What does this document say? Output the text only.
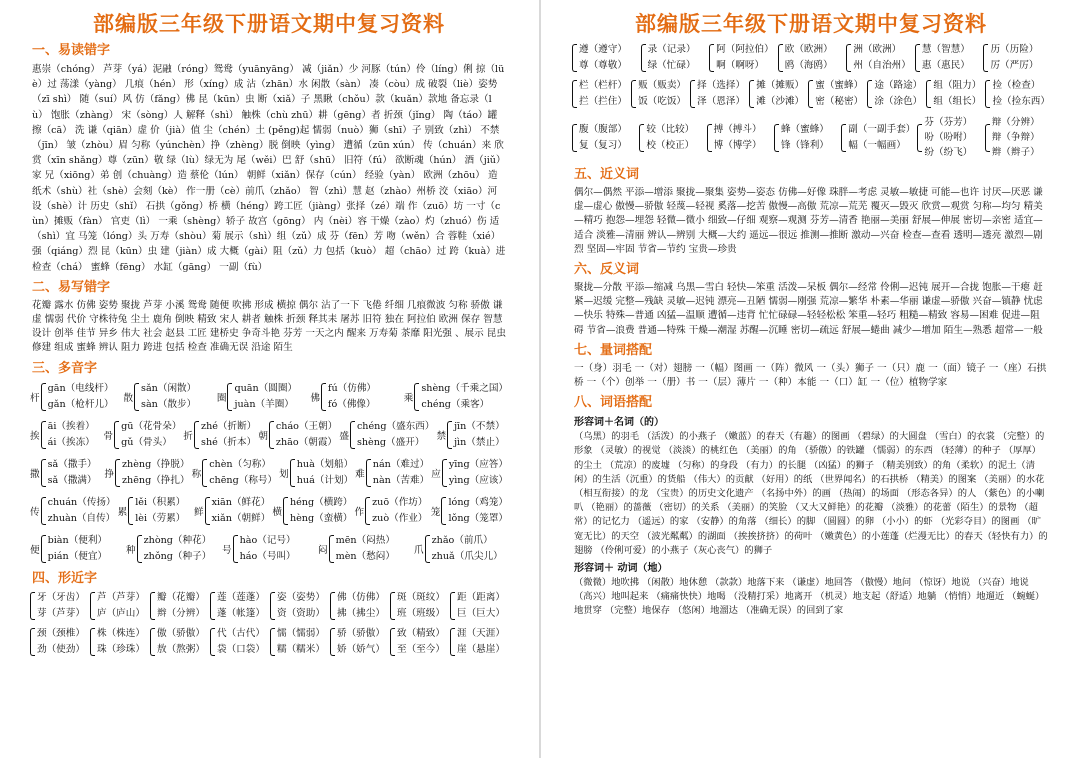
部编版三年级下册语文期中复习资料
一、易读错字
惠崇（chóng） 芦芽（yá）泥融（róng）鸳鸯（yuānyāng） 减（jiǎn）少 河豚（tún）伶（líng）俐 掠（lüè）过 荡漾（yàng） 几痕（hén） 形（xíng）成 沾（zhān）水 闲散（sàn） 凑（còu）成 破裂（liè）姿势（zī shì） 随（suí）风 仿（fǎng）佛 昆（kūn）虫 断（xiǎ）子 黑瞅（chǒu）款（kuǎn）款地 备忘录（lù） 饱胀（zhàng） 宋（sòng）人 解释（shì） 触株（chù zhū）耕（gēng）者 折颈（jǐng） 陶（táo）罐 擦（cā） 洗 谦（qiān）虚 价（jià）值 尘（chén）土 (pěng)起 懦弱（nuò）狮（shī）子 别致（zhì） 不禁（jīn） 皱（zhòu）眉 匀称（yúnchèn）挣（zhèng）脱 倒映（yìng） 遭循（zūn xún） 传（chuán）来 欣赏（xīn shǎng）尊（zūn）敬 绿（lù）绿无为 尾（wěi）巴 舒（shū） 旧符（fú） 欲断魂（hún） 酒（jiǔ）家 兄（xiōng）弟 创（chuàng）造 蔡伦（lún） 朝鲜（xiǎn）保存（cún） 经验（yàn） 欧洲（zhōu） 造纸术（shù）社（shè）会刻（kè） 作一册（cè）前爪（zhǎo） 智（zhì）慧 赵（zhào）州桥 洨（xiāo）河 设（shè）计 历史（shǐ） 石拱（gǒng）桥 横（héng）跨工匠（jiàng）张择（zé）端 作（zuō）坊 一寸（cùn）摊贩（fàn） 官吏（lì） 一乘（shèng）轿子 故宫（gōng） 内（nèi）容 干燥（zào）灼（zhuó）伤 适（shì）宜 马笼（lóng）头 万寿（shòu）菊 展示（shì）组（zǔ）成 芬（fēn）芳 吻（wěn）合 蓉鞋（xié）强（qiáng）烈 昆（kūn）虫 建（jiàn）成 大概（gài）阻（zǔ）力 包括（kuò） 超（chāo）过 跨（kuà）进检查（chá） 蜜蜂（fēng） 水缸（gāng） 一副（fù）
二、易写错字
花瓣 露水 仿佛 姿势 聚拢 芦芽 小溪 鸳鸯 随便 吹拂 形成 横掠 偶尔 沾了一下 飞倦 纤细 几痕微波 匀称 骄傲 谦虚 懦弱 代价 守株待兔 尘土 鹿角 倒映 精致 宋人 耕者 触株 折颈 释其耒 屠苏 旧符 独在 阿拉伯 欧洲 保存 智慧 设计 创举 佳节 异乡 伟大 社会 赵县 工匠 建桥史 争奇斗艳 芬芳 一天之内 醒来 万寿菊 茶靡 阳光强 、展示 昆虫 修建 组成 蜜蜂 辨认 阻力 跨进 包括 检查 准确无误 沿途 陌生
三、多音字
杆
gān（电线杆）
gǎn（枪杆儿）
散
sǎn（闲散）
sàn（散步）
圈
quān（圆圈）
juàn（羊圈）
佛
fú（仿佛）
fó（佛像）
乘
shèng（千乘之国）
chéng（乘客）
挨
āi（挨着）
ái（挨冻）
骨
gū（花骨朵）
gǔ（骨头）
折
zhé（折断）
shé（折本）
朝
cháo（王朝）
zhāo（朝霞）
盛
chéng（盛东西）
shèng（盛开）
禁
jīn（不禁）
jìn（禁止）
撒
sǎ（撒手）
sǎ（撒满）
挣
zhèng（挣脱）
zhēng（挣扎）
称
chèn（匀称）
chēng（称号）
划
huà（划船）
huá（计划）
难
nán（难过）
nàn（苦难）
应
yīng（应答）
yìng（应该）
传
chuán（传扬）
zhuàn（自传）
累
lěi（积累）
lèi（劳累）
鲜
xiān（鲜花）
xiǎn（朝鲜）
横
héng（横跨）
hèng（蛮横）
作
zuō（作坊）
zuò（作业）
笼
lóng（鸡笼）
lǒng（笼罩）
便
biàn（便利）
pián（便宜）
种
zhòng（种花）
zhǒng（种子）
号
hào（记号）
háo（号叫）
闷
mēn（闷热）
mèn（愁闷）
爪
zhǎo（前爪）
zhuǎ（爪尖儿）
四、形近字
牙（牙齿）
芽（芦芽）
芦（芦芽）
庐（庐山）
瓣（花瓣）
辫（分辨）
莲（莲蓬）
蓬（帐篷）
姿（姿势）
资（资助）
佛（仿佛）
拂（拂尘）
斑（斑纹）
班（班级）
距（距离）
巨（巨大）
颈（颈椎）
劲（使劲）
株（株连）
珠（珍珠）
傲（骄傲）
敖（熬粥）
代（古代）
袋（口袋）
懦（懦弱）
糯（糯米）
骄（骄傲）
娇（娇气）
致（精致）
至（至今）
涯（天涯）
崖（悬崖）
部编版三年级下册语文期中复习资料
遵（遵守）
尊（尊敬）
录（记录）
绿（忙碌）
阿（阿拉伯）
啊（啊呀）
欧（欧洲）
鸥（海鸥）
洲（欧洲）
州（自治州）
慧（智慧）
惠（惠民）
历（历险）
厉（严厉）
栏（栏杆）
拦（拦住）
贩（贩卖）
饭（吃饭）
择（选择）
泽（恩泽）
摊（摊贩）
滩（沙滩）
蜜（蜜蜂）
密（秘密）
途（路途）
涂（涂色）
组（阻力）
组（组长）
捡（检查）
捡（捡东西）
腹（腹部）
复（复习）
较（比较）
校（校正）
搏（搏斗）
博（博学）
蜂（蜜蜂）
锋（锋利）
副（一副手套）
幅（一幅画）
芬（芬芳）
吩（吩咐）
纷（纷飞）
辩（分辨）
辩（争辩）
辫（辫子）
五、近义词
偶尔—偶然 平添—增添 聚拢—聚集 姿势—姿态 仿佛—好像 珠胖—考虑 灵敏—敏捷 可能—也许 讨厌—厌恶 谦虚—虚心 傲慢—骄傲 轻蔑—轻视 奚落—挖苦 傲慢—高傲 荒凉—荒芜 覆灭—毁灭 欣赏—观赏 匀称—均匀 精美—精巧 抱怨—埋怨 轻微—微小 细致—仔细 观察—观测 芬芳—清香 艳丽—美丽 舒展—伸展 密切—亲密 适宜—适合 淡雅—清丽 辨认—辨别 大概—大约 遥远—很远 推测—推断 激动—兴奋 检查—查看 透明—透亮 激烈—剧烈 坚固—牢固 节省—节约 宝贵—珍贵
六、反义词
聚拢—分散 平添—缩减 乌黑—雪白 轻快—笨重 活泼—呆板 偶尔—经常 伶俐—迟钝 展开—合拢 饱胀—干瘪 赶紧—迟缓 完整—残缺 灵敏—迟钝 漂亮—丑陋 懦弱—刚强 荒凉—繁华 朴素—华丽 谦虚—骄傲 兴奋—镇静 忧虑—快乐 特殊—普通 凶猛—温顺 遭循—违背 忙忙碌碌—轻轻松松 笨重—轻巧 粗糙—精致 容易—困难 促进—阻碍 节省—浪费 普通—特殊 干燥—潮湿 苏醒—沉睡 密切—疏远 舒展—蜷曲 减少—增加 陌生—熟悉 超常—一般
七、量词搭配
一（身）羽毛 一（对）翅膀 一（幅）图画 一（阵）微风 一（头）狮子 一（只）鹿 一（面）镜子 一（座）石拱桥 一（个）创举 一（册）书 一（层）薄片 一（种）本能 一（口）缸 一（位）植物学家
八、词语搭配
形容词＋名词（的）
（乌黑）的羽毛 （活泼）的小燕子 （嫩蓝）的春天（有趣）的图画 （碧绿）的大圆盘 （雪白）的衣裳 （完整）的形象 （灵敏）的视觉 （淡淡）的桃红色 （美丽）的角 （骄傲）的铁罐 （懦弱）的东西 （轻薄）的种子 （厚厚）的尘土 （荒凉）的废墟 （匀称）的身段 （有力）的长腿 （凶猛）的狮子 （精美别致）的角（柔软）的泥土（清闲）的生活（沉重）的货船 （伟大）的贡献 （好用）的纸 （世界闻名）的石拱桥 （精美）的图案 （美丽）的水花 （相互衔接）的龙 （宝贵）的历史文化遗产 （名扬中外）的画 （热闹）的场面 （形态各异）的人 （紫色）的小喇叭 （艳丽）的蔷薇 （密切）的关系 （美丽）的笑脸 （又大又鲜艳）的花瓣 （淡雅）的花蕾（陌生）的景物 （超常）的记忆力 （遥远）的家 （安静）的角落 （细长）的脚 （圆圆）的卵 （小小）的虾 （光彩夺目）的图画 （旷宽无比）的天空 （波光粼粼）的湖面 （挨挨挤挤）的荷叶 （嫩黄色）的小莲蓬（烂漫无比）的春天（轻快有力）的翅膀 （伶俐可爱）的小燕子（灰心丧气）的狮子
形容词＋ 动词（地）
（微微）地吹拂 （闲散）地休憩 （款款）地落下来 （谦虚）地回答 （傲慢）地问 （惊讶）地说 （兴奋）地说 （高兴）地叫起来 （痛痛快快）地喝 （没精打采）地离开 （机灵）地支起（舒适）地躺 （悄悄）地遛近 （蜿蜒）地贯穿 （完整）地保存 （悠闲）地溜达 （准确无误）的回到了家
